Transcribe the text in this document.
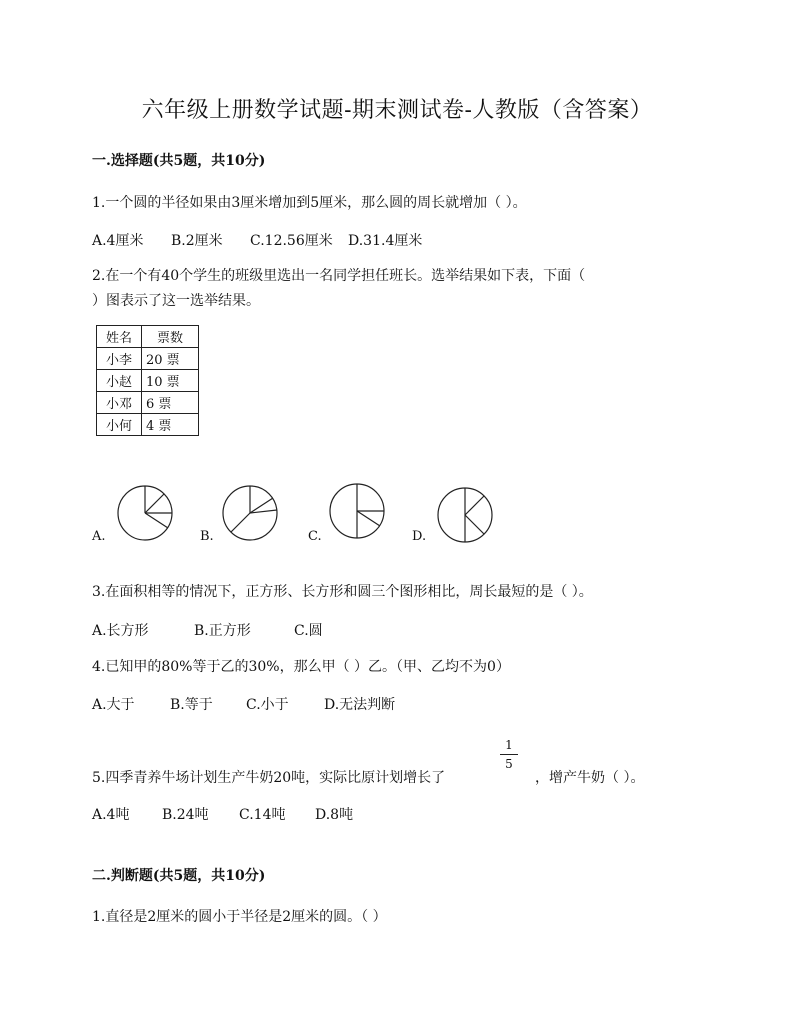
六年级上册数学试题-期末测试卷-人教版（含答案）
一.选择题(共5题，共10分)
1.一个圆的半径如果由3厘米增加到5厘米，那么圆的周长就增加（ ）。
A.4厘米 B.2厘米 C.12.56厘米 D.31.4厘米
2.在一个有40个学生的班级里选出一名同学担任班长。选举结果如下表，下面（
）图表示了这一选举结果。
姓名	票数
小李	20 票
小赵	10 票
小邓	6 票
小何	4 票
A.	B.	C.	D.
3.在面积相等的情况下，正方形、长方形和圆三个图形相比，周长最短的是（ ）。
A.长方形	B.正方形	C.圆
4.已知甲的80%等于乙的30%，那么甲（ ）乙。（甲、乙均不为0）
A.大于	B.等于 C.小于	D.无法判断
5.四季青养牛场计划生产牛奶20吨，实际比原计划增长了
1
5
，增产牛奶（ ）。
A.4吨 B.24吨 C.14吨 D.8吨
二.判断题(共5题，共10分)
1.直径是2厘米的圆小于半径是2厘米的圆。（ ）
